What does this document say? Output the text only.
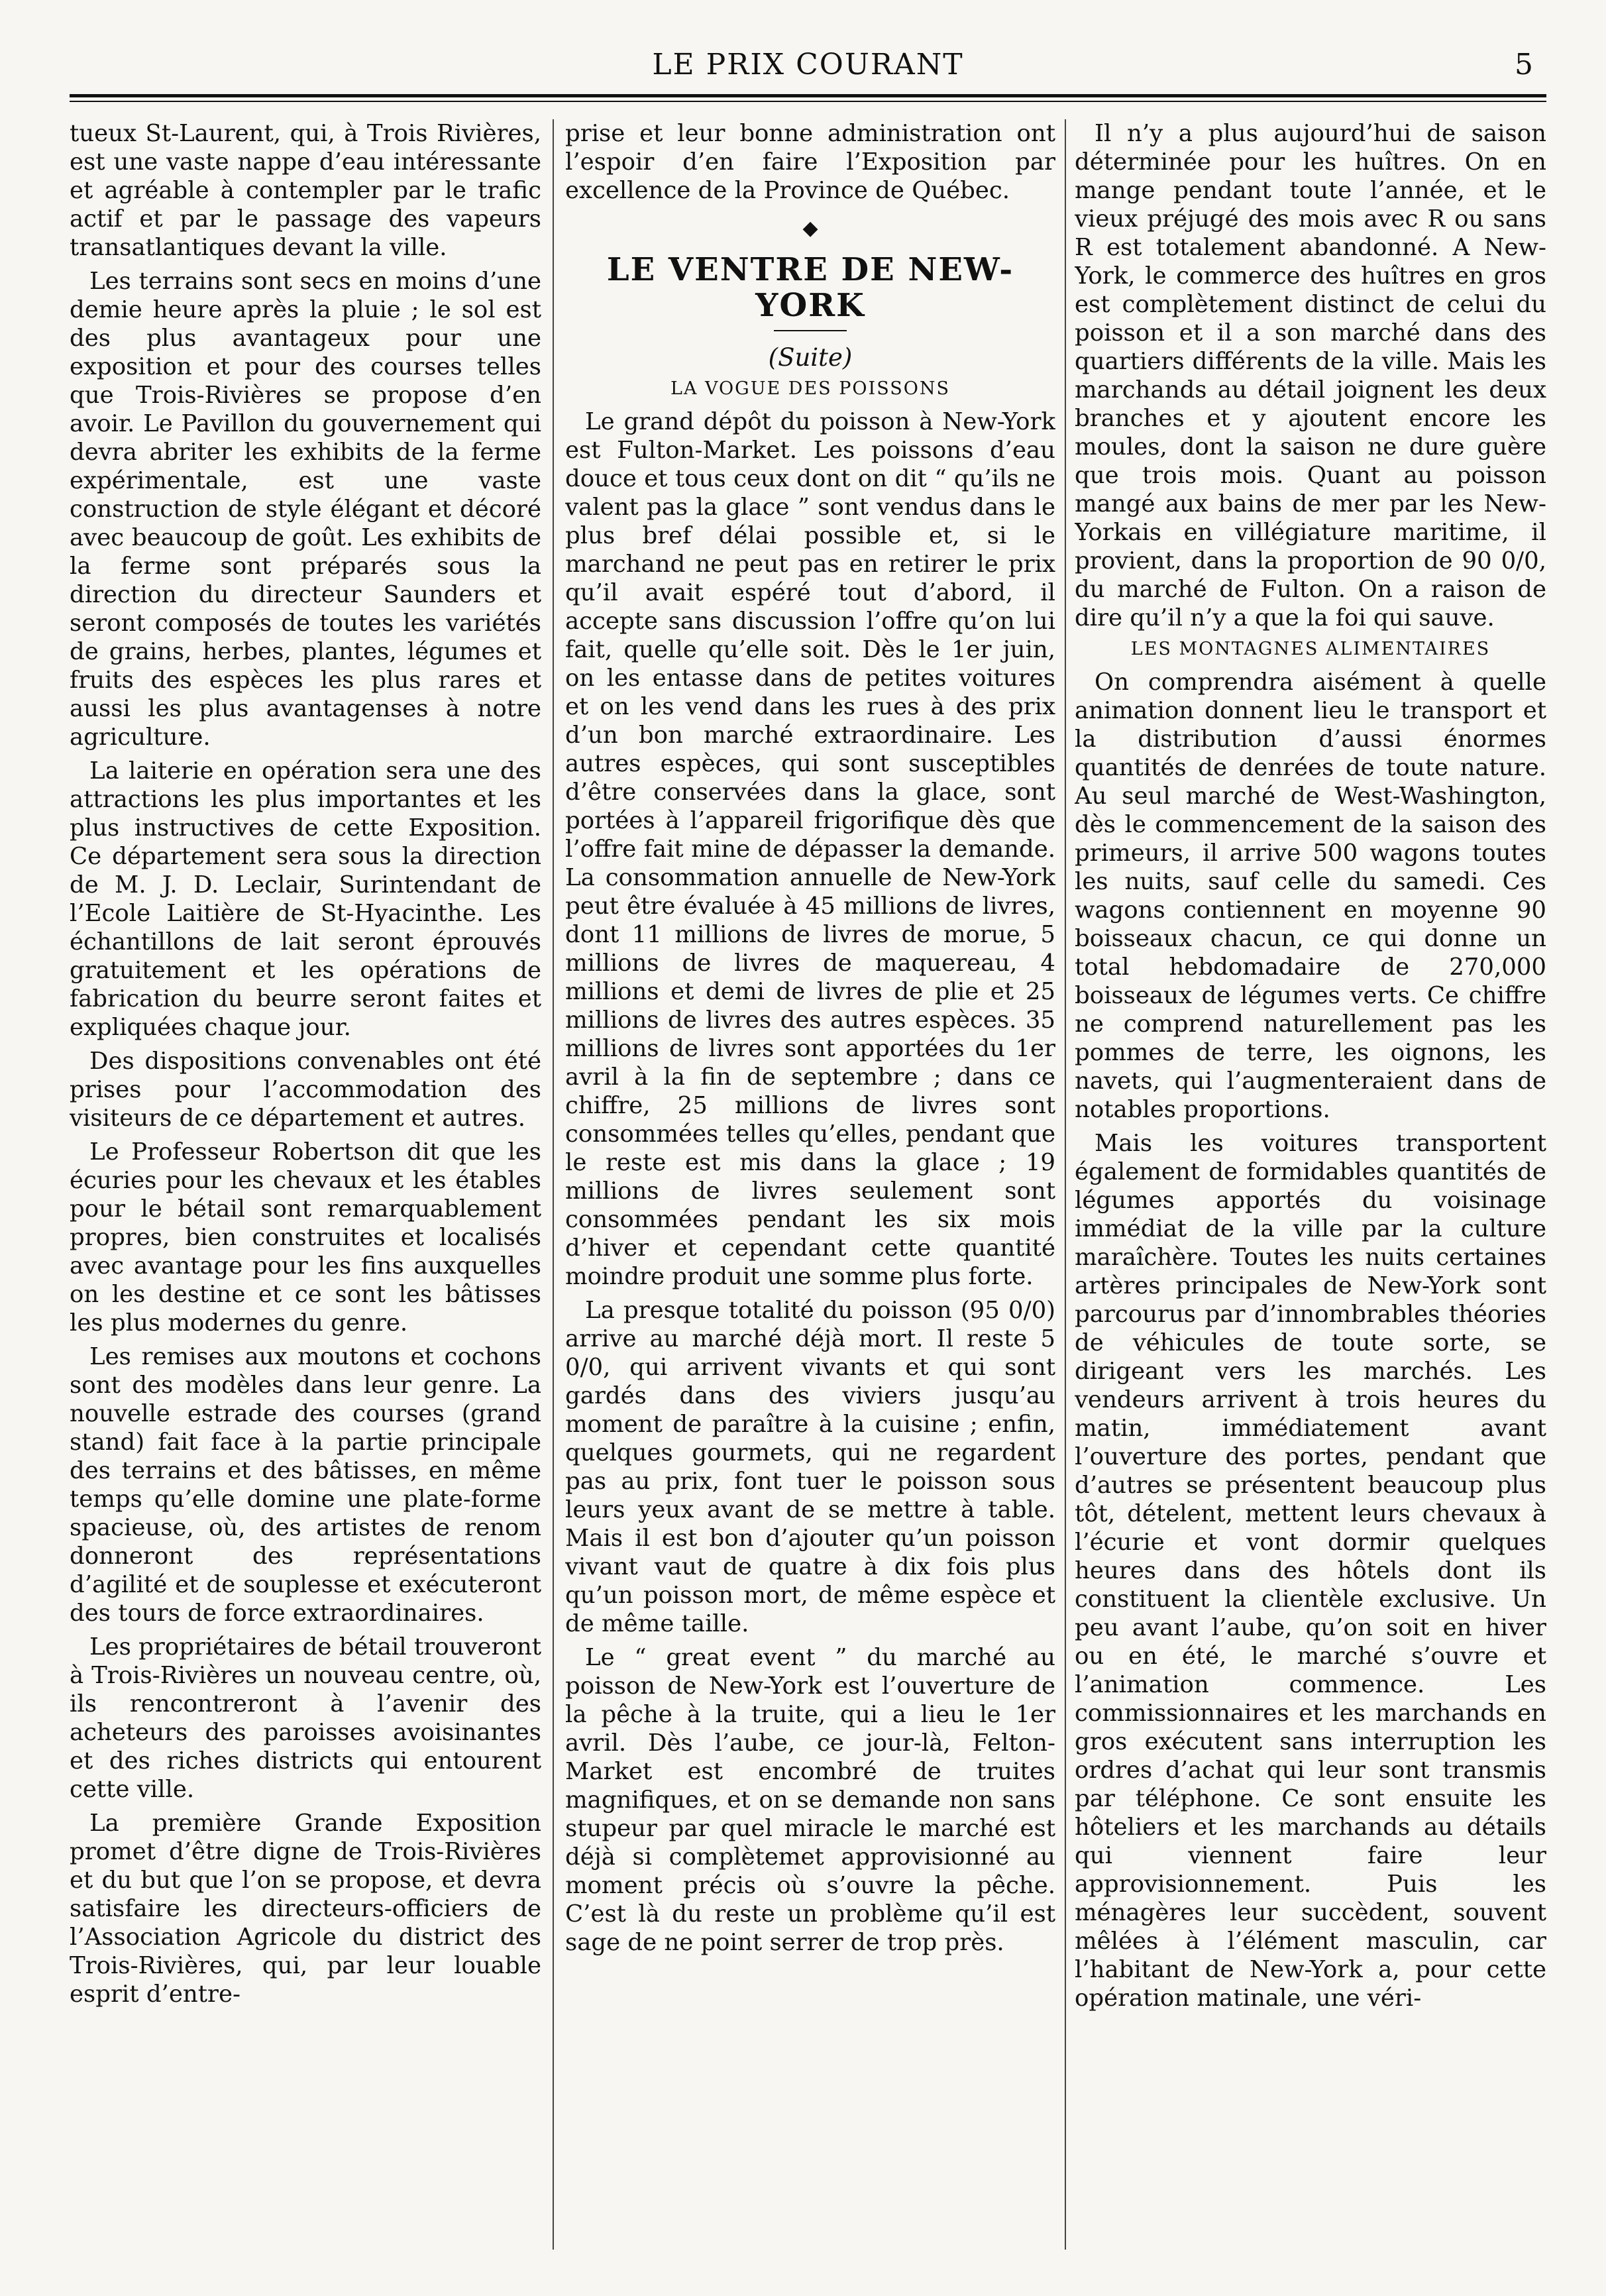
LE PRIX COURANT	5

tueux St-Laurent, qui, à Trois Rivières, est une vaste nappe d’eau intéressante et agréable à contempler par le trafic actif et par le passage des vapeurs transatlantiques devant la ville.

Les terrains sont secs en moins d’une demie heure après la pluie ; le sol est des plus avantageux pour une exposition et pour des courses telles que Trois-Rivières se propose d’en avoir. Le Pavillon du gouvernement qui devra abriter les exhibits de la ferme expérimentale, est une vaste construction de style élégant et décoré avec beaucoup de goût. Les exhibits de la ferme sont préparés sous la direction du directeur Saunders et seront composés de toutes les variétés de grains, herbes, plantes, légumes et fruits des espèces les plus rares et aussi les plus avantagenses à notre agriculture.

La laiterie en opération sera une des attractions les plus importantes et les plus instructives de cette Exposition. Ce département sera sous la direction de M. J. D. Leclair, Surintendant de l’Ecole Laitière de St-Hyacinthe. Les échantillons de lait seront éprouvés gratuitement et les opérations de fabrication du beurre seront faites et expliquées chaque jour.

Des dispositions convenables ont été prises pour l’accommodation des visiteurs de ce département et autres.

Le Professeur Robertson dit que les écuries pour les chevaux et les étables pour le bétail sont remarquablement propres, bien construites et localisés avec avantage pour les fins auxquelles on les destine et ce sont les bâtisses les plus modernes du genre.

Les remises aux moutons et cochons sont des modèles dans leur genre. La nouvelle estrade des courses (grand stand) fait face à la partie principale des terrains et des bâtisses, en même temps qu’elle domine une plate-forme spacieuse, où, des artistes de renom donneront des représentations d’agilité et de souplesse et exécuteront des tours de force extraordinaires.

Les propriétaires de bétail trouveront à Trois-Rivières un nouveau centre, où, ils rencontreront à l’avenir des acheteurs des paroisses avoisinantes et des riches districts qui entourent cette ville.

La première Grande Exposition promet d’être digne de Trois-Rivières et du but que l’on se propose, et devra satisfaire les directeurs-officiers de l’Association Agricole du district des Trois-Rivières, qui, par leur louable esprit d’entre-

prise et leur bonne administration ont l’espoir d’en faire l’Exposition par excellence de la Province de Québec.

◆
LE VENTRE DE NEW-YORK
(Suite)
LA VOGUE DES POISSONS

Le grand dépôt du poisson à New-York est Fulton-Market. Les poissons d’eau douce et tous ceux dont on dit “ qu’ils ne valent pas la glace ” sont vendus dans le plus bref délai possible et, si le marchand ne peut pas en retirer le prix qu’il avait espéré tout d’abord, il accepte sans discussion l’offre qu’on lui fait, quelle qu’elle soit. Dès le 1er juin, on les entasse dans de petites voitures et on les vend dans les rues à des prix d’un bon marché extraordinaire. Les autres espèces, qui sont susceptibles d’être conservées dans la glace, sont portées à l’appareil frigorifique dès que l’offre fait mine de dépasser la demande. La consommation annuelle de New-York peut être évaluée à 45 millions de livres, dont 11 millions de livres de morue, 5 millions de livres de maquereau, 4 millions et demi de livres de plie et 25 millions de livres des autres espèces. 35 millions de livres sont apportées du 1er avril à la fin de septembre ; dans ce chiffre, 25 millions de livres sont consommées telles qu’elles, pendant que le reste est mis dans la glace ; 19 millions de livres seulement sont consommées pendant les six mois d’hiver et cependant cette quantité moindre produit une somme plus forte.

La presque totalité du poisson (95 0/0) arrive au marché déjà mort. Il reste 5 0/0, qui arrivent vivants et qui sont gardés dans des viviers jusqu’au moment de paraître à la cuisine ; enfin, quelques gourmets, qui ne regardent pas au prix, font tuer le poisson sous leurs yeux avant de se mettre à table. Mais il est bon d’ajouter qu’un poisson vivant vaut de quatre à dix fois plus qu’un poisson mort, de même espèce et de même taille.

Le “ great event ” du marché au poisson de New-York est l’ouverture de la pêche à la truite, qui a lieu le 1er avril. Dès l’aube, ce jour-là, Felton-Market est encombré de truites magnifiques, et on se demande non sans stupeur par quel miracle le marché est déjà si complètemet approvisionné au moment précis où s’ouvre la pêche. C’est là du reste un problème qu’il est sage de ne point serrer de trop près.

Il n’y a plus aujourd’hui de saison déterminée pour les huîtres. On en mange pendant toute l’année, et le vieux préjugé des mois avec R ou sans R est totalement abandonné. A New-York, le commerce des huîtres en gros est complètement distinct de celui du poisson et il a son marché dans des quartiers différents de la ville. Mais les marchands au détail joignent les deux branches et y ajoutent encore les moules, dont la saison ne dure guère que trois mois. Quant au poisson mangé aux bains de mer par les New-Yorkais en villégiature maritime, il provient, dans la proportion de 90 0/0, du marché de Fulton. On a raison de dire qu’il n’y a que la foi qui sauve.

LES MONTAGNES ALIMENTAIRES

On comprendra aisément à quelle animation donnent lieu le transport et la distribution d’aussi énormes quantités de denrées de toute nature. Au seul marché de West-Washington, dès le commencement de la saison des primeurs, il arrive 500 wagons toutes les nuits, sauf celle du samedi. Ces wagons contiennent en moyenne 90 boisseaux chacun, ce qui donne un total hebdomadaire de 270,000 boisseaux de légumes verts. Ce chiffre ne comprend naturellement pas les pommes de terre, les oignons, les navets, qui l’augmenteraient dans de notables proportions.

Mais les voitures transportent également de formidables quantités de légumes apportés du voisinage immédiat de la ville par la culture maraîchère. Toutes les nuits certaines artères principales de New-York sont parcourus par d’innombrables théories de véhicules de toute sorte, se dirigeant vers les marchés. Les vendeurs arrivent à trois heures du matin, immédiatement avant l’ouverture des portes, pendant que d’autres se présentent beaucoup plus tôt, dételent, mettent leurs chevaux à l’écurie et vont dormir quelques heures dans des hôtels dont ils constituent la clientèle exclusive. Un peu avant l’aube, qu’on soit en hiver ou en été, le marché s’ouvre et l’animation commence. Les commissionnaires et les marchands en gros exécutent sans interruption les ordres d’achat qui leur sont transmis par téléphone. Ce sont ensuite les hôteliers et les marchands au détails qui viennent faire leur approvisionnement. Puis les ménagères leur succèdent, souvent mêlées à l’élément masculin, car l’habitant de New-York a, pour cette opération matinale, une véri-
